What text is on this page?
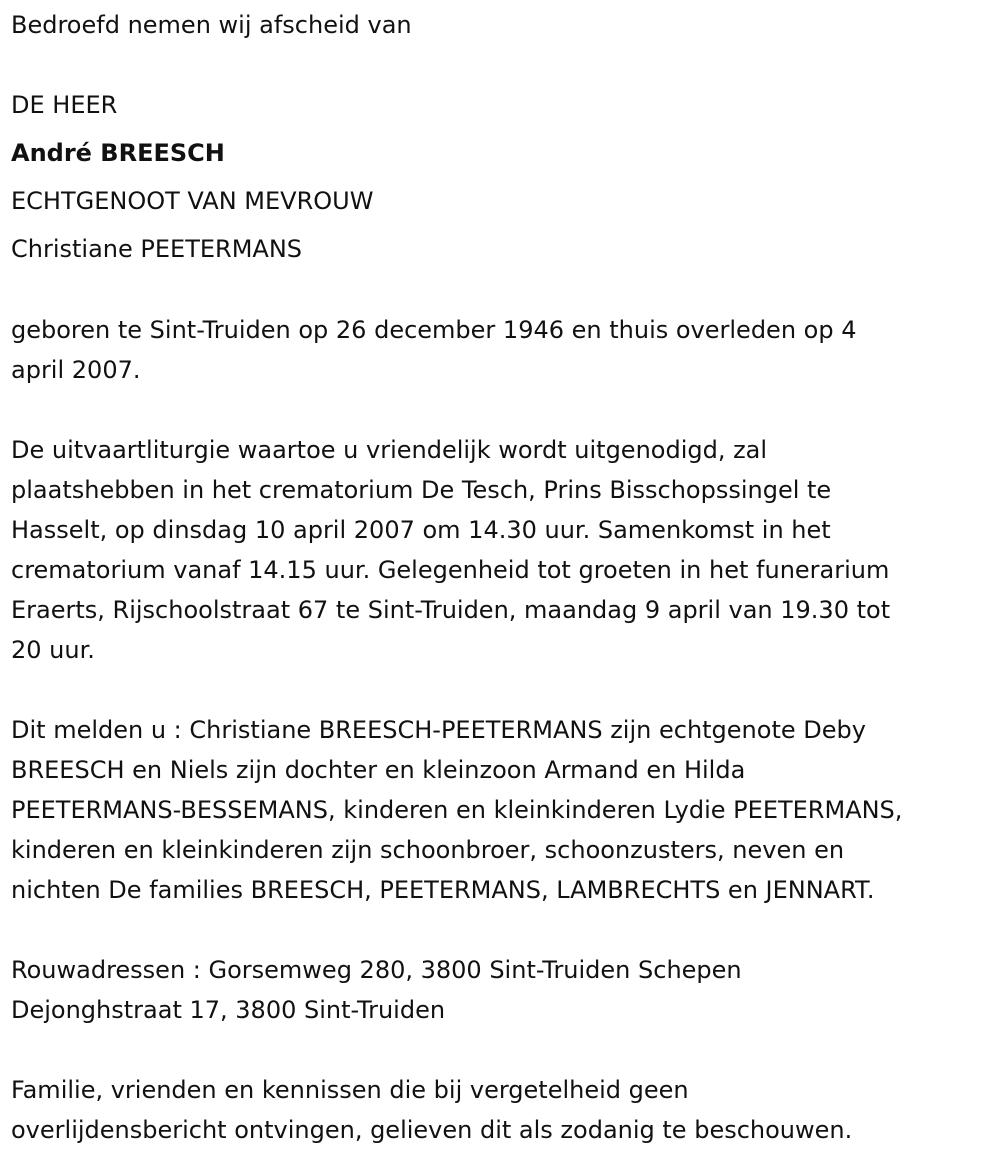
Bedroefd nemen wij afscheid van
DE HEER
André BREESCH
ECHTGENOOT VAN MEVROUW
Christiane PEETERMANS
geboren te Sint-Truiden op 26 december 1946 en thuis overleden op 4
april 2007.
De uitvaartliturgie waartoe u vriendelijk wordt uitgenodigd, zal
plaatshebben in het crematorium De Tesch, Prins Bisschopssingel te
Hasselt, op dinsdag 10 april 2007 om 14.30 uur. Samenkomst in het
crematorium vanaf 14.15 uur. Gelegenheid tot groeten in het funerarium
Eraerts, Rijschoolstraat 67 te Sint-Truiden, maandag 9 april van 19.30 tot
20 uur.
Dit melden u : Christiane BREESCH-PEETERMANS zijn echtgenote Deby
BREESCH en Niels zijn dochter en kleinzoon Armand en Hilda
PEETERMANS-BESSEMANS, kinderen en kleinkinderen Lydie PEETERMANS,
kinderen en kleinkinderen zijn schoonbroer, schoonzusters, neven en
nichten De families BREESCH, PEETERMANS, LAMBRECHTS en JENNART.
Rouwadressen : Gorsemweg 280, 3800 Sint-Truiden Schepen
Dejonghstraat 17, 3800 Sint-Truiden
Familie, vrienden en kennissen die bij vergetelheid geen
overlijdensbericht ontvingen, gelieven dit als zodanig te beschouwen.
